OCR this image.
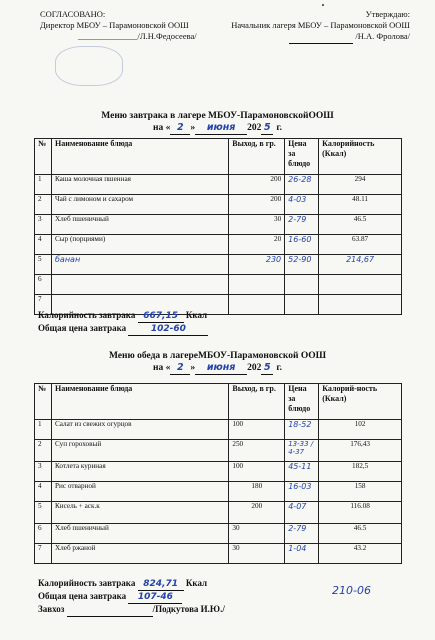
СОГЛАСОВАНО:
Директор МБОУ – Парамоновской ООШ
______________/Л.Н.Федосеева/
Утверждаю:
Начальник лагеря МБОУ – Парамоновской ООШ
/Н.А. Фролова/
Меню завтрака в лагере МБОУ-ПарамоновскойООШ
на « 2 » июня 202 5 г.
№	Наименование блюда	Выход, в гр.	Цена за блюдо	Калорийность (Ккал)
1	Каша молочная пшенная	200	26-28	294
2	Чай с лимоном и сахаром	200	4-03	48.11
3	Хлеб пшеничный	30	2-79	46.5
4	Сыр (порциями)	20	16-60	63.87
5	банан	230	52-90	214,67
6				
7				
Калорийность завтрака 667,15 Ккал
Общая цена завтрака	102-60
Меню обеда в лагереМБОУ-Парамоновской ООШ
на « 2 » июня 202 5 г.
№	Наименование блюда	Выход, в гр.	Цена за блюдо	Калорий-ность (Ккал)
1	Салат из свежих огурцов	100	18-52	102
2	Суп гороховый	250	13-33 / 4-37	176,43
3	Котлета куриная	100	45-11	182,5
4	Рис отварной	180	16-03	158
5	Кисель + аск.к	200	4-07	116.08
6	Хлеб пшеничный	30	2-79	46.5
7	Хлеб ржаной	30	1-04	43.2
Калорийность завтрака 824,71 Ккал
Общая цена завтрака 107-46
Завхоз	/Подкутова И.Ю./
210-06
